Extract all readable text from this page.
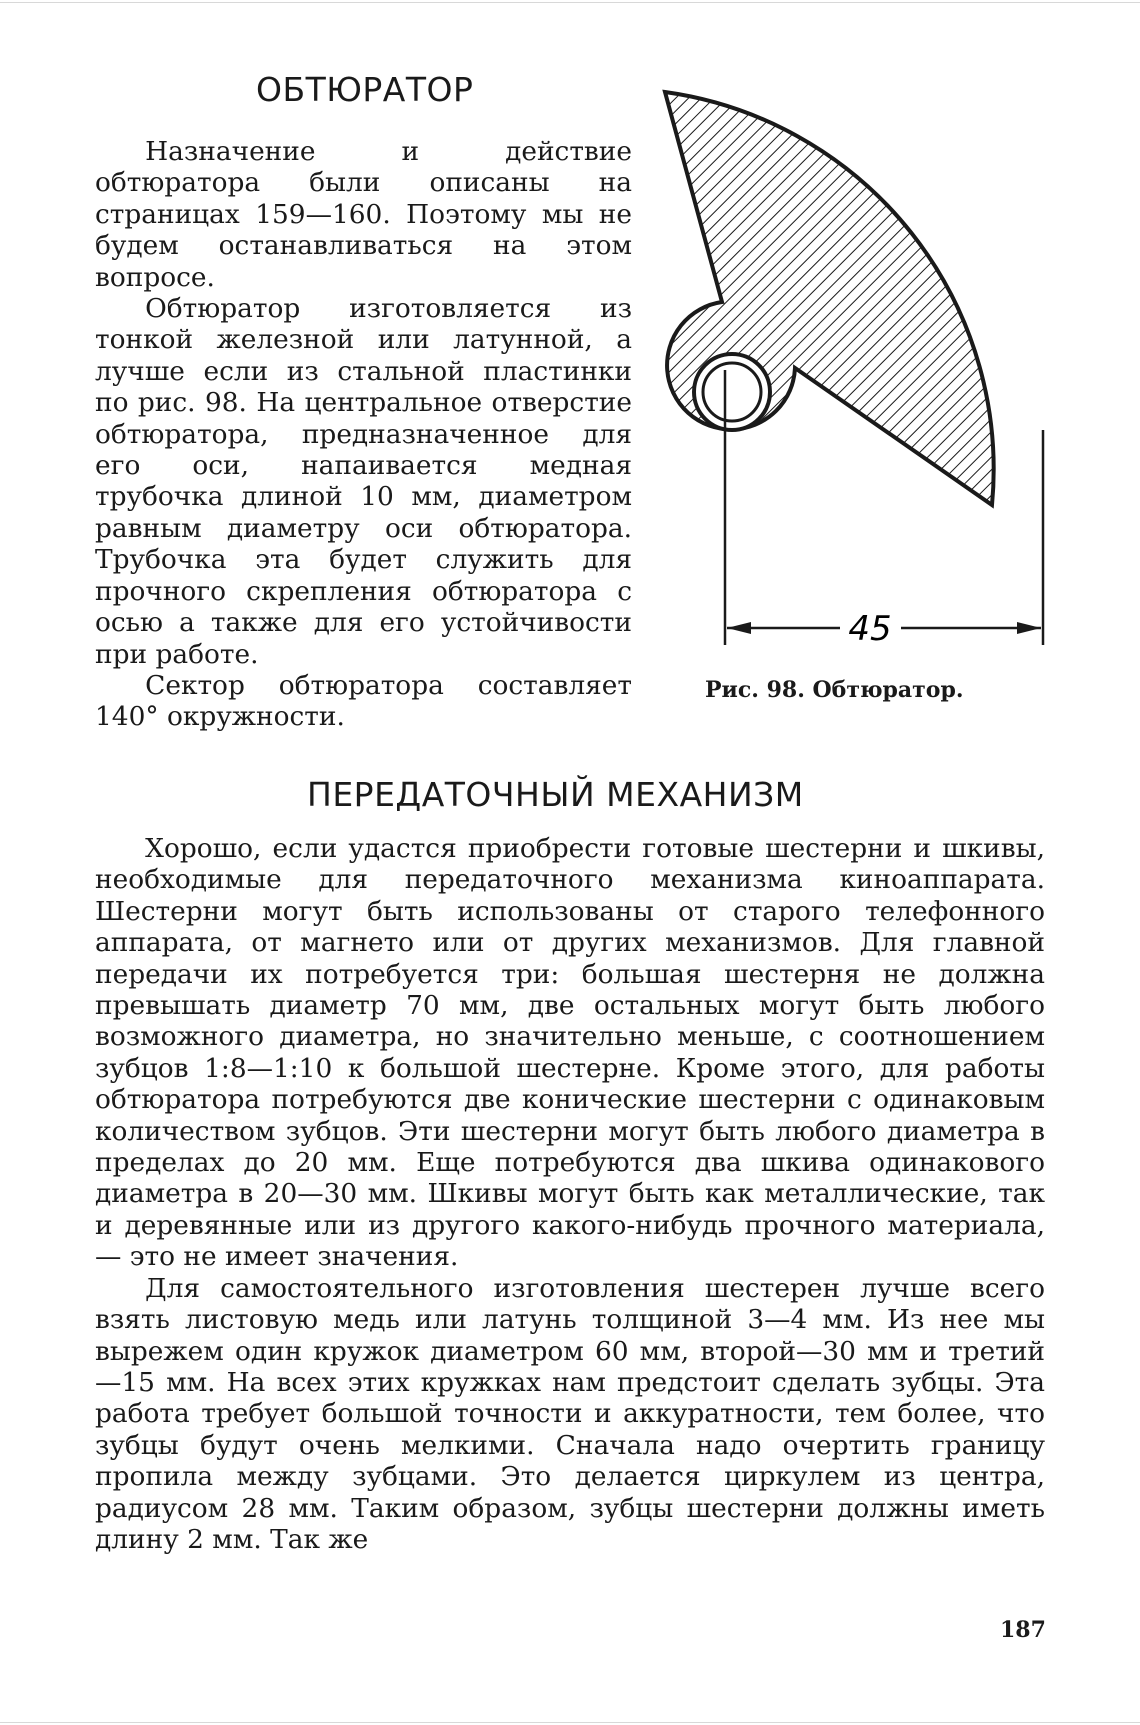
ОБТЮРАТОР

Назначение и действие обтюратора были описаны на страницах 159—160. Поэтому мы не будем останавливаться на этом вопросе.

Обтюратор изготовляется из тонкой железной или латунной, а лучше если из стальной пластинки по рис. 98. На центральное отверстие обтюратора, предназначенное для его оси, напаивается медная трубочка длиной 10 мм, диаметром равным диаметру оси обтюратора. Трубочка эта будет служить для прочного скрепления обтюратора с осью а также для его устойчивости при работе.

Сектор обтюратора составляет 140° окружности.

45
Рис. 98. Обтюратор.
ПЕРЕДАТОЧНЫЙ МЕХАНИЗМ

Хорошо, если удастся приобрести готовые шестерни и шкивы, необходимые для передаточного механизма киноаппарата. Шестерни могут быть использованы от старого телефонного аппарата, от магнето или от других механизмов. Для главной передачи их потребуется три: большая шестерня не должна превышать диаметр 70 мм, две остальных могут быть любого возможного диаметра, но значительно меньше, с соотношением зубцов 1:8—1:10 к большой шестерне. Кроме этого, для работы обтюратора потребуются две конические шестерни с одинаковым количеством зубцов. Эти шестерни могут быть любого диаметра в пределах до 20 мм. Еще потребуются два шкива одинакового диаметра в 20—30 мм. Шкивы могут быть как металлические, так и деревянные или из другого какого-нибудь прочного материала,— это не имеет значения.

Для самостоятельного изготовления шестерен лучше всего взять листовую медь или латунь толщиной 3—4 мм. Из нее мы вырежем один кружок диаметром 60 мм, второй—30 мм и третий—15 мм. На всех этих кружках нам предстоит сделать зубцы. Эта работа требует большой точности и аккуратности, тем более, что зубцы будут очень мелкими. Сначала надо очертить границу пропила между зубцами. Это делается циркулем из центра, радиусом 28 мм. Таким образом, зубцы шестерни должны иметь длину 2 мм. Так же

187
